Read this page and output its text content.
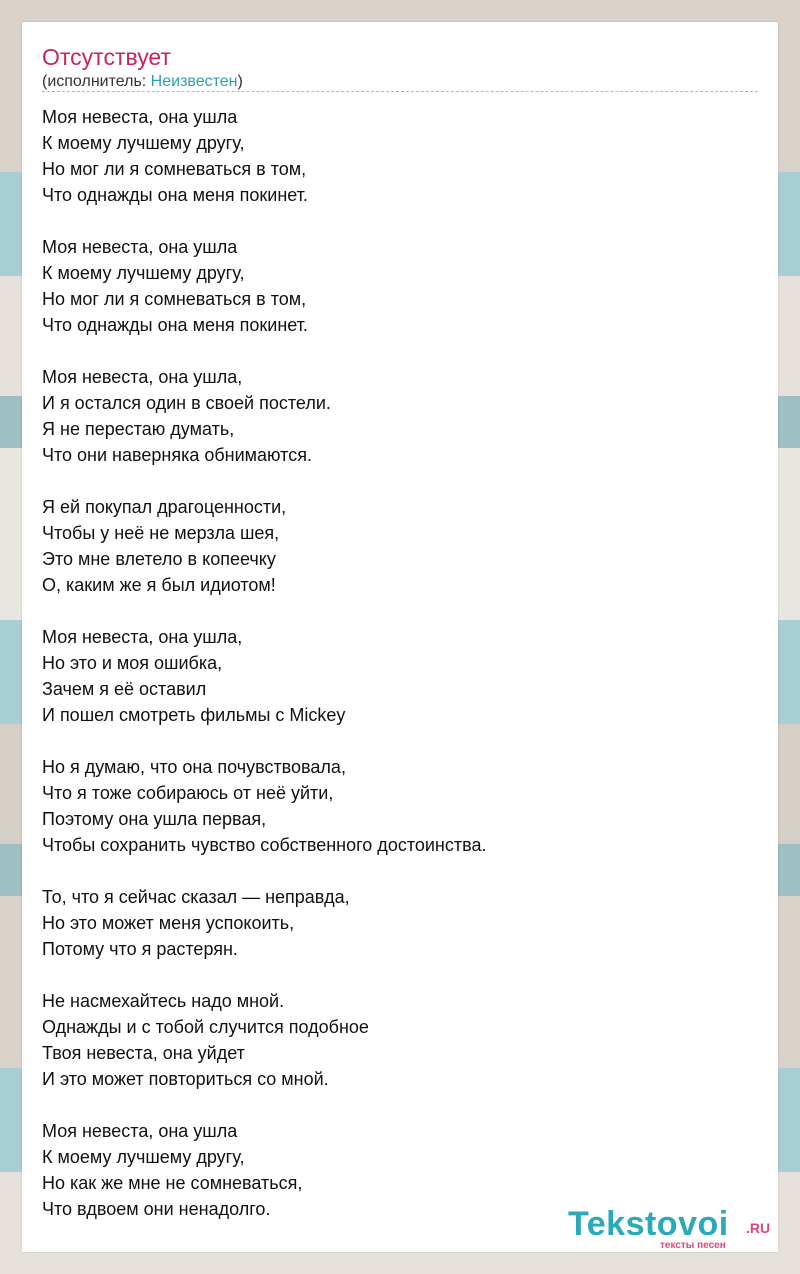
Отсутствует
(исполнитель: Неизвестен)
Моя невеста, она ушла
К моему лучшему другу,
Но мог ли я сомневаться в том,
Что однажды она меня покинет.
Моя невеста, она ушла
К моему лучшему другу,
Но мог ли я сомневаться в том,
Что однажды она меня покинет.
Моя невеста, она ушла,
И я остался один в своей постели.
Я не перестаю думать,
Что они наверняка обнимаются.
Я ей покупал драгоценности,
Чтобы у неё не мерзла шея,
Это мне влетело в копеечку
О, каким же я был идиотом!
Моя невеста, она ушла,
Но это и моя ошибка,
Зачем я её оставил
И пошел смотреть фильмы с Mickey
Но я думаю, что она почувствовала,
Что я тоже собираюсь от неё уйти,
Поэтому она ушла первая,
Чтобы сохранить чувство собственного достоинства.
То, что я сейчас сказал — неправда,
Но это может меня успокоить,
Потому что я растерян.
Не насмехайтесь надо мной.
Однажды и с тобой случится подобное
Твоя невеста, она уйдет
И это может повториться со мной.
Моя невеста, она ушла
К моему лучшему другу,
Но как же мне не сомневаться,
Что вдвоем они ненадолго.	Tekstovoi .RU
тексты песен
